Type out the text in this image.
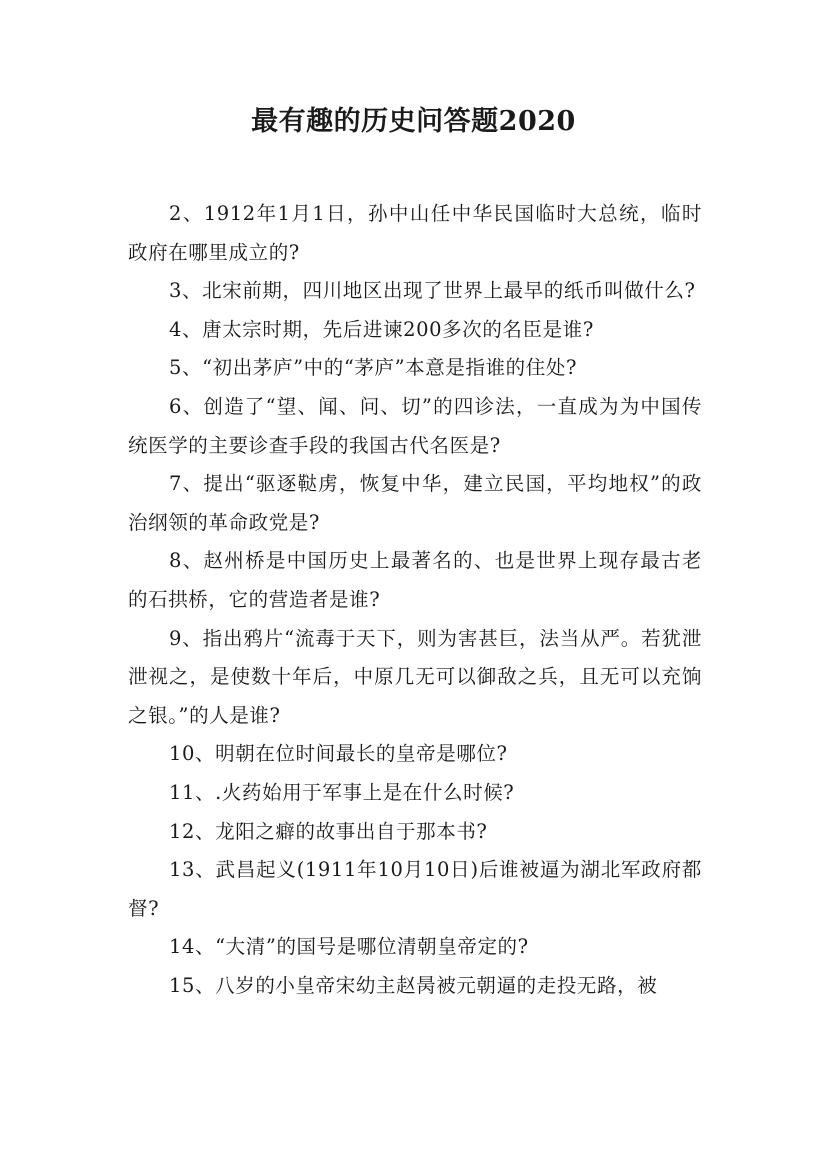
最有趣的历史问答题2020

2、1912年1月1日，孙中山任中华民国临时大总统，临时政府在哪里成立的?

3、北宋前期，四川地区出现了世界上最早的纸币叫做什么?

4、唐太宗时期，先后进谏200多次的名臣是谁?

5、“初出茅庐”中的“茅庐”本意是指谁的住处?

6、创造了“望、闻、问、切”的四诊法，一直成为为中国传统医学的主要诊查手段的我国古代名医是?

7、提出“驱逐鞑虏，恢复中华，建立民国，平均地权”的政治纲领的革命政党是?

8、赵州桥是中国历史上最著名的、也是世界上现存最古老的石拱桥，它的营造者是谁?

9、指出鸦片“流毒于天下，则为害甚巨，法当从严。若犹泄泄视之，是使数十年后，中原几无可以御敌之兵，且无可以充饷之银。”的人是谁?

10、明朝在位时间最长的皇帝是哪位?

11、.火药始用于军事上是在什么时候?

12、龙阳之癖的故事出自于那本书?

13、武昌起义(1911年10月10日)后谁被逼为湖北军政府都督?

14、“大清”的国号是哪位清朝皇帝定的?

15、八岁的小皇帝宋幼主赵昺被元朝逼的走投无路，被
